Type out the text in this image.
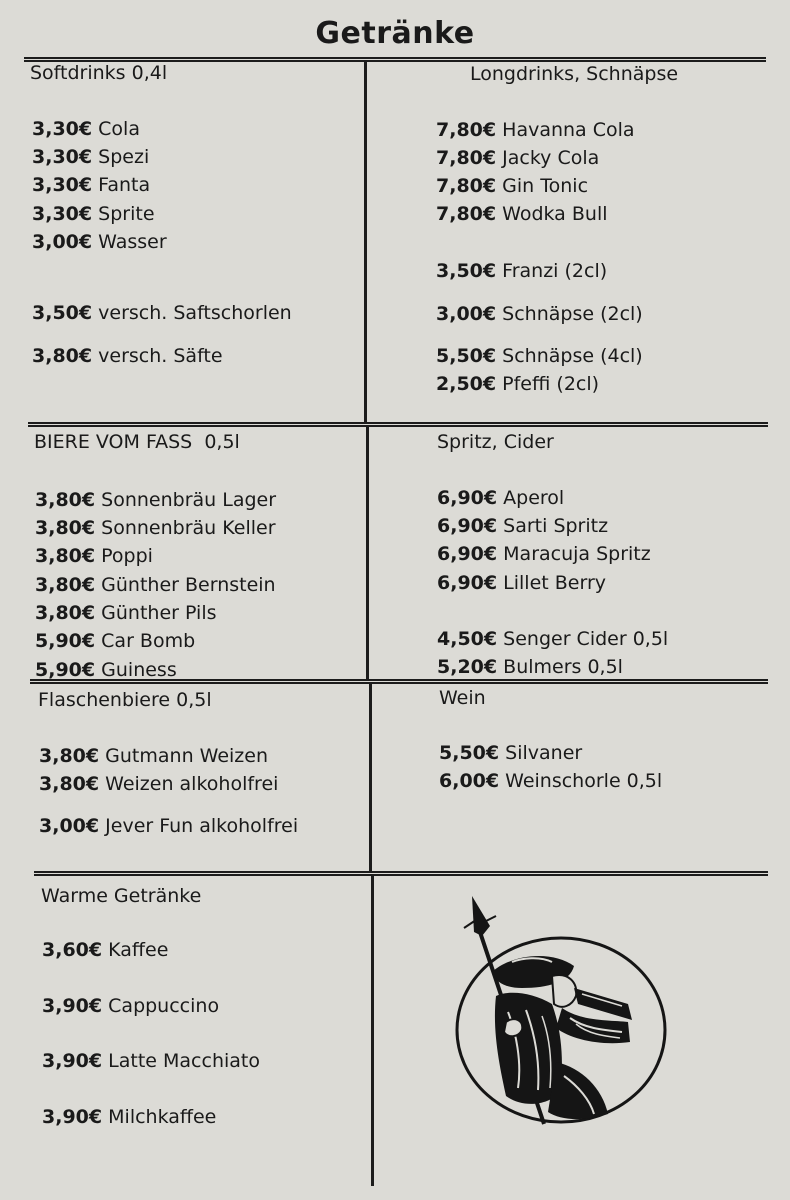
Getränke
Softdrinks 0,4l
3,30€ Cola
3,30€ Spezi
3,30€ Fanta
3,30€ Sprite
3,00€ Wasser
3,50€ versch. Saftschorlen
3,80€ versch. Säfte
Longdrinks, Schnäpse
7,80€ Havanna Cola
7,80€ Jacky Cola
7,80€ Gin Tonic
7,80€ Wodka Bull
3,50€ Franzi (2cl)
3,00€ Schnäpse (2cl)
5,50€ Schnäpse (4cl)
2,50€ Pfeffi (2cl)
BIERE VOM FASS  0,5l
3,80€ Sonnenbräu Lager
3,80€ Sonnenbräu Keller
3,80€ Poppi
3,80€ Günther Bernstein
3,80€ Günther Pils
5,90€ Car Bomb
5,90€ Guiness
Spritz, Cider
6,90€ Aperol
6,90€ Sarti Spritz
6,90€ Maracuja Spritz
6,90€ Lillet Berry
4,50€ Senger Cider 0,5l
5,20€ Bulmers 0,5l
Flaschenbiere 0,5l
3,80€ Gutmann Weizen
3,80€ Weizen alkoholfrei
3,00€ Jever Fun alkoholfrei
Wein
5,50€ Silvaner
6,00€ Weinschorle 0,5l
Warme Getränke
3,60€ Kaffee
3,90€ Cappuccino
3,90€ Latte Macchiato
3,90€ Milchkaffee
